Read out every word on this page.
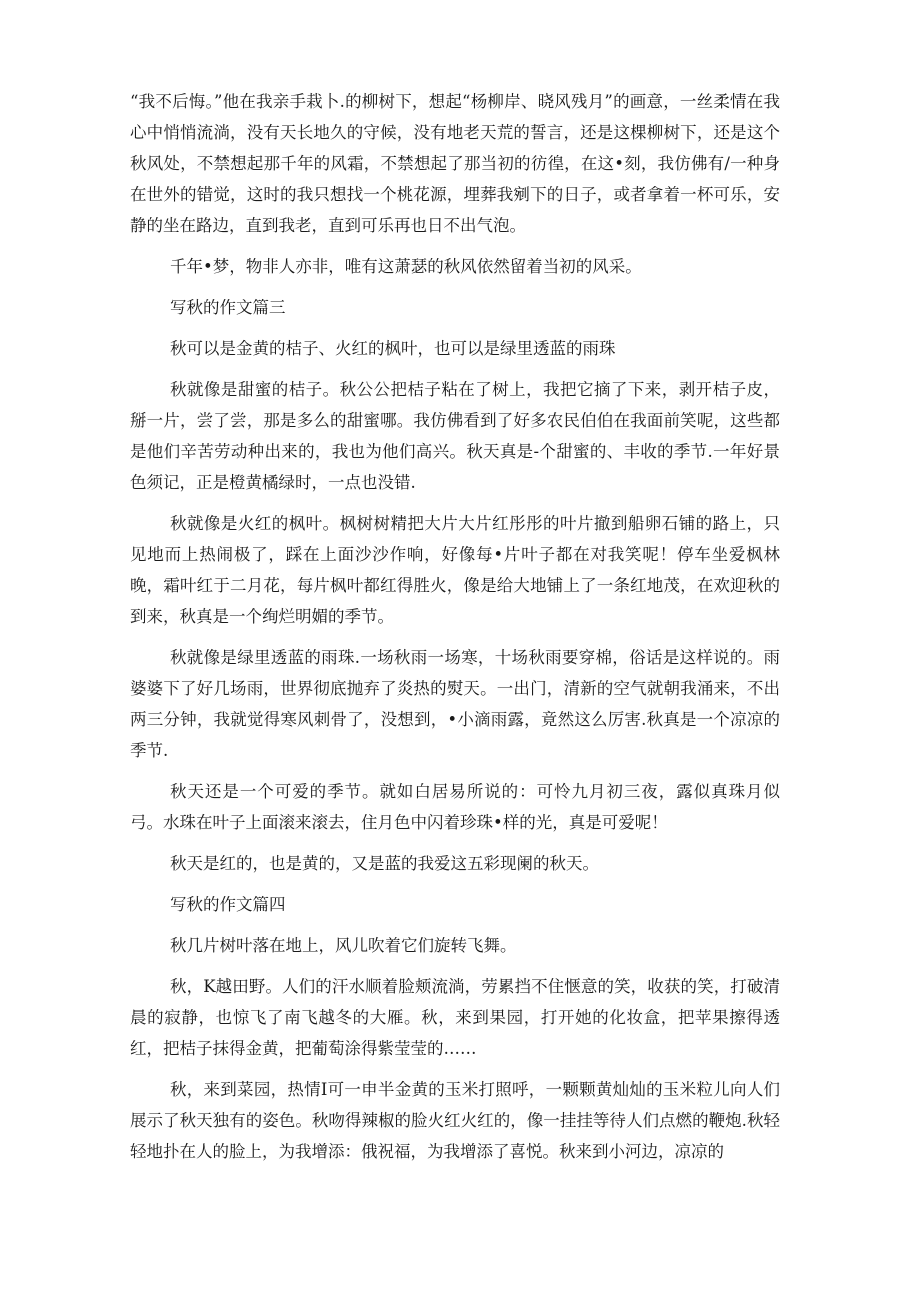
“我不后悔。”他在我亲手栽卜.的柳树下，想起“杨柳岸、晓风残月”的画意，一丝柔情在我心中悄悄流淌，没有天长地久的守候，没有地老天荒的誓言，还是这棵柳树下，还是这个秋风处，不禁想起那千年的风霜，不禁想起了那当初的彷徨，在这•刻，我仿佛有/一种身在世外的错觉，这时的我只想找一个桃花源，埋葬我剜下的日子，或者拿着一杯可乐，安静的坐在路边，直到我老，直到可乐再也日不出气泡。

千年•梦，物非人亦非，唯有这萧瑟的秋风依然留着当初的风采。

写秋的作文篇三

秋可以是金黄的桔子、火红的枫叶，也可以是绿里透蓝的雨珠

秋就像是甜蜜的桔子。秋公公把桔子粘在了树上，我把它摘了下来，剥开桔子皮，掰一片，尝了尝，那是多么的甜蜜哪。我仿佛看到了好多农民伯伯在我面前笑呢，这些都是他们辛苦劳动种出来的，我也为他们高兴。秋天真是-个甜蜜的、丰收的季节.一年好景色须记，正是橙黄橘绿时，一点也没错.

秋就像是火红的枫叶。枫树树精把大片大片红彤彤的叶片撤到船卵石铺的路上，只见地而上热闹极了，踩在上面沙沙作响，好像每•片叶子都在对我笑呢！停车坐爱枫林晚，霜叶红于二月花，每片枫叶都红得胜火，像是给大地铺上了一条红地茂，在欢迎秋的到来，秋真是一个绚烂明媚的季节。

秋就像是绿里透蓝的雨珠.一场秋雨一场寒，十场秋雨要穿棉，俗话是这样说的。雨婆婆下了好几场雨，世界彻底抛弃了炎热的熨天。一出门，清新的空气就朝我涌来，不出两三分钟，我就觉得寒风刺骨了，没想到，•小滴雨露，竟然这么厉害.秋真是一个凉凉的季节.

秋天还是一个可爱的季节。就如白居易所说的：可怜九月初三夜，露似真珠月似弓。水珠在叶子上面滚来滚去，住月色中闪着珍珠•样的光，真是可爱呢！

秋天是红的，也是黄的，又是蓝的我爱这五彩现阑的秋天。

写秋的作文篇四

秋几片树叶落在地上，风儿吹着它们旋转飞舞。

秋，K越田野。人们的汗水顺着脸颊流淌，劳累挡不住惬意的笑，收获的笑，打破清晨的寂静，也惊飞了南飞越冬的大雁。秋，来到果园，打开她的化妆盒，把苹果擦得透红，把桔子抹得金黄，把葡萄涂得紫莹莹的……

秋，来到菜园，热情I可一申半金黄的玉米打照呼，一颗颗黄灿灿的玉米粒儿向人们展示了秋天独有的姿色。秋吻得辣椒的脸火红火红的，像一挂挂等待人们点燃的鞭炮.秋轻轻地扑在人的脸上，为我增添：俄祝福，为我增添了喜悦。秋来到小河边，凉凉的
